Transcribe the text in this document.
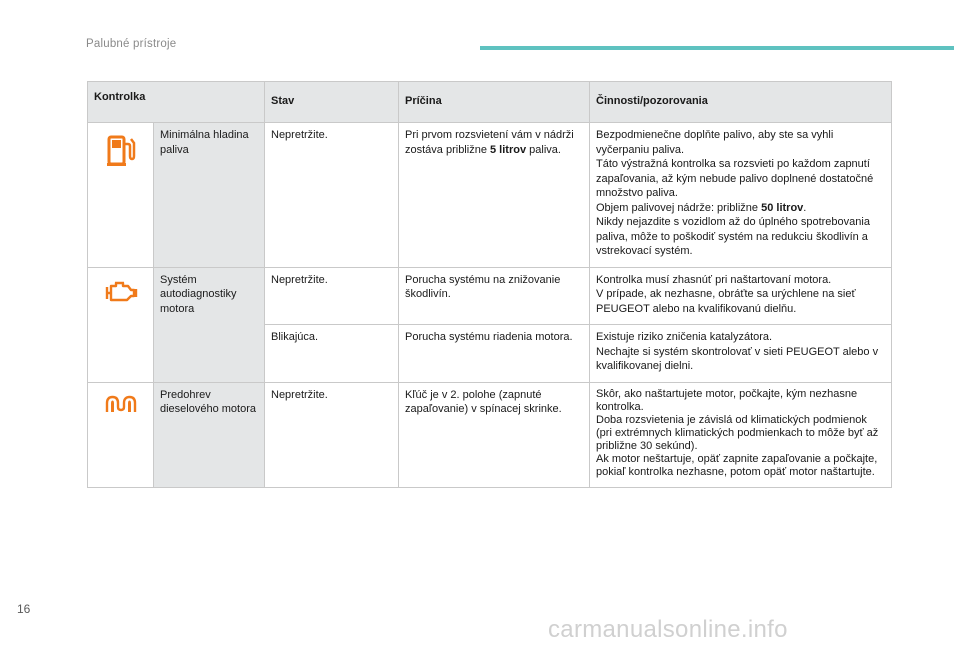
Palubné prístroje
Kontrolka		Stav	Príčina	Činnosti/pozorovania

	Minimálna hladina paliva	Nepretržite.	Pri prvom rozsvietení vám v nádrži zostáva približne 5 litrov paliva.	Bezpodmienečne doplňte palivo, aby ste sa vyhli vyčerpaniu paliva.
Táto výstražná kontrolka sa rozsvieti po každom zapnutí zapaľovania, až kým nebude palivo doplnené dostatočné množstvo paliva.
Objem palivovej nádrže: približne 50 litrov.
Nikdy nejazdite s vozidlom až do úplného spotrebovania paliva, môže to poškodiť systém na redukciu škodlivín a vstrekovací systém.

	Systém autodiagnostiky motora	Nepretržite.	Porucha systému na znižovanie škodlivín.	Kontrolka musí zhasnúť pri naštartovaní motora.
V prípade, ak nezhasne, obráťte sa urýchlene na sieť PEUGEOT alebo na kvalifikovanú dielňu.

		Blikajúca.	Porucha systému riadenia motora.	Existuje riziko zničenia katalyzátora.
Nechajte si systém skontrolovať v sieti PEUGEOT alebo v kvalifikovanej dielni.

	Predohrev dieselového motora	Nepretržite.	Kľúč je v 2. polohe (zapnuté zapaľovanie) v spínacej skrinke.	Skôr, ako naštartujete motor, počkajte, kým nezhasne kontrolka.
Doba rozsvietenia je závislá od klimatických podmienok (pri extrémnych klimatických podmienkach to môže byť až približne 30 sekúnd).
Ak motor neštartuje, opäť zapnite zapaľovanie a počkajte, pokiaľ kontrolka nezhasne, potom opäť motor naštartujte.
16
carmanualsonline.info
